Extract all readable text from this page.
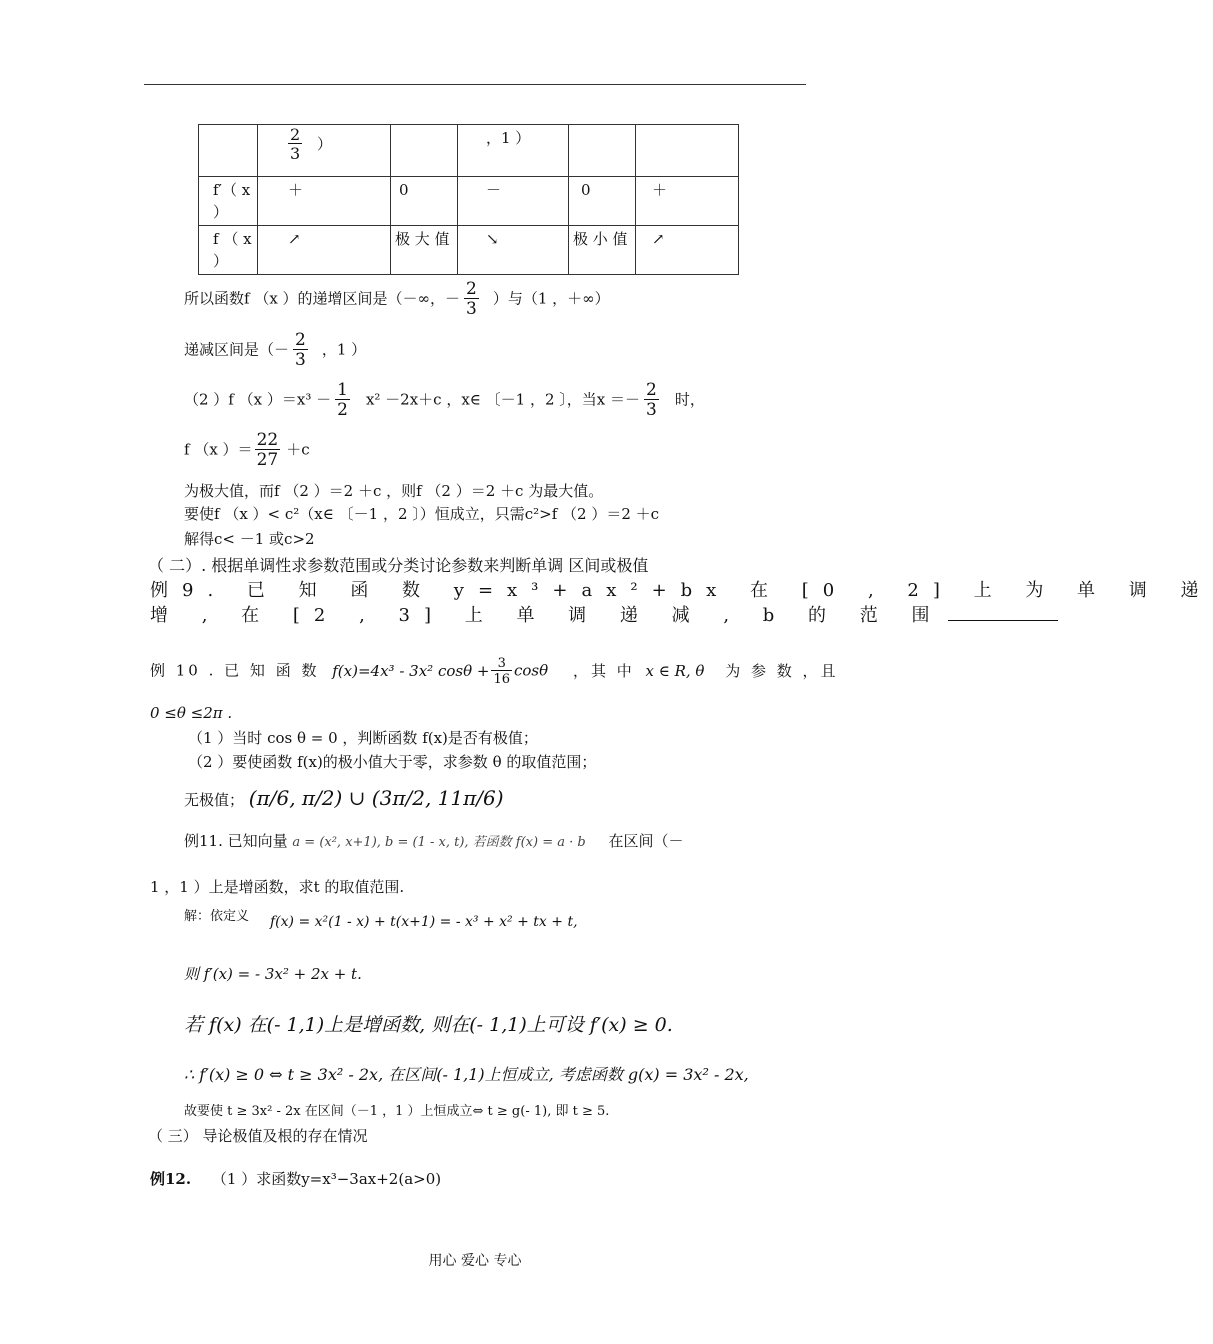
	$\frac{2}{3}$ ）		，1 ）		
f′（ x ）	＋	0	－	0	＋
f （ x ）	↗	极 大 值	↘	极 小 值	↗
所以函数f （x ）的递增区间是（－∞，－ $\frac{2}{3}$ ）与（1 ，＋∞）
递减区间是（－ $\frac{2}{3}$ ，1 ）
（2 ）f （x ）$=x^3 - \frac{1}{2} x^2 -2x+c$ ，x∈ 〔－1 ，2 〕，当$x =- \frac{2}{3}$ 时，
f （x ）＝ $\frac{22}{27} +c$
为极大值，而f （2 ）＝2 ＋c ，则f （2 ）＝2 ＋c 为最大值。
要使f （x ）< c²（x∈ 〔－1 ，2 〕）恒成立，只需c²>f （2 ）＝2 ＋c
解得c< －1 或c>2
（ 二）. 根据单调性求参数范围或分类讨论参数来判断单调 区间或极值
例9. 已 知 函 数 y=x³+ax²+bx 在 [0 , 2] 上 为 单 调 递
增 , 在 [2 , 3] 上 单 调 递 减 , b 的 范 围
例 10 . 已 知 函 数 f(x)=4x³ - 3x² $\cos\theta + \frac{3}{16}$ cosθ ，其 中 x ∈ R, θ 为 参 数 ，且
0 ≤θ ≤2π .
（1 ）当时 cos θ = 0 ，判断函数 f(x)是否有极值；
（2 ）要使函数 f(x)的极小值大于零，求参数 θ 的取值范围；
无极值； (π/6, π/2) ∪ (3π/2, 11π/6)
例11. 已知向量 a = (x², x+1), b = (1 - x, t), 若函数 f(x) = a · b 在区间（－
1 ，1 ）上是增函数，求t 的取值范围.
解：依定义 f(x) = x²(1 - x) + t(x+1) = - x³ + x² + tx + t,
则 f′(x) = - 3x² + 2x + t.
若 f(x) 在(- 1,1)上是增函数, 则在(- 1,1)上可设 f′(x) ≥ 0.
∴ f′(x) ≥ 0 ⇔ t ≥ 3x² - 2x, 在区间(- 1,1)上恒成立, 考虑函数 g(x) = 3x² - 2x,
故要使 t ≥ 3x² - 2x 在区间（－1 ，1 ）上恒成立⇔ t ≥ g(- 1), 即 t ≥ 5.
（ 三） 导论极值及根的存在情况
例12. （1 ）求函数y=x³−3ax+2(a>0)
用心 爱心 专心
